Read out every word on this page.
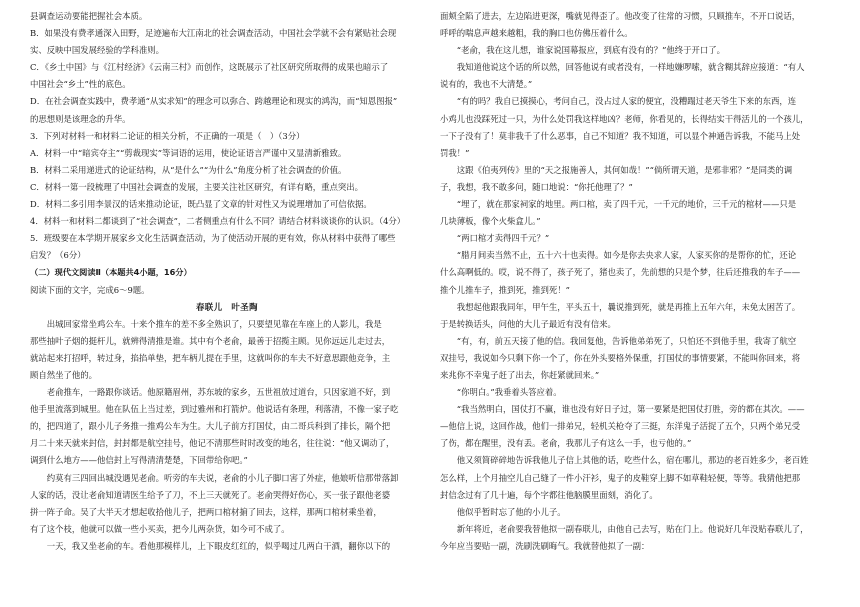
县调查运动要能把握社会本质。

B．如果没有费孝通深入田野，足迹遍布大江南北的社会调查活动，中国社会学就不会有紧贴社会现

实、反映中国发展经验的学科准则。

C．《乡土中国》与《江村经济》《云南三村》而创作，这既展示了社区研究所取得的成果也暗示了

中国社会“乡土”性的底色。

D．在社会调查实践中，费孝通“从实求知”的理念可以弥合、跨越理论和现实的鸿沟，而“知恩图报”

的思想则是该理念的升华。

3．下列对材料一和材料二论证的相关分析，不正确的一项是（　）（3分）

A．材料一中“暗宾夺主”“剪裁现实”等词语的运用，使论证语言严谨中又显清新雅致。

B．材料二采用递进式的论证结构，从“是什么”“为什么”角度分析了社会调查的价值。

C．材料一第一段梳理了中国社会调查的发展，主要关注社区研究，有详有略，重点突出。

D．材料二多引用李景汉的话来推动论证，既凸显了文章的针对性又为说理增加了可信依据。

4．材料一和材料二都谈到了“社会调查”，二者侧重点有什么不同？请结合材料谈谈你的认识。（4分）

5．班级要在本学期开展家乡文化生活调查活动，为了使活动开展的更有效，你从材料中获得了哪些

启发？（6分）

（二）现代文阅读Ⅱ（本题共4小题，16分）

阅读下面的文字，完成6～9题。

春联儿　叶圣陶

出城回家常坐鸡公车。十来个推车的差不多全熟识了，只要望见靠在车座上的人影儿，我是

那些抽叶子烟的挺杆儿，就辨得清推是谁。其中有个老俞，最善于招揽主顾。见你远远儿走过去，

就站起来打招呼，转过身，掐掐单垫，把车柄儿提在手里，这就叫你的车夫不好意思跟他竞争，主

顾自然坐了他的。

老俞推车，一路跟你谈话。他原籍眉州，苏东坡的家乡，五世祖放过道台，只因家道不好，到

他手里流落到城里。他在队伍上当过差，到过雅州和打箭炉。他说话有条理，利落清，不像一家子吃

的，把四道了，跟小儿子务推一推鸡公车为生。大儿子前方打国仗，由二哥兵科到了排长，隔个把

月二十来天就来封信，封封都是航空挂号，他记不清那些时时改变的地名，往往说：“他又调动了，

调到什么地方——他信封上写得清清楚楚，下回带给你吧。”

约莫有三四回出城没遇见老俞。听旁的车夫说，老俞的小儿子脚口害了外症，他娘听信那带落卸

人家的话，没让老俞知道请医生给予了刀，不上三天就死了。老俞哭得好伤心，买一张子跟他老婆

拼一阵子命。吴了大半天才想起收拾他儿子，把两口棺材掮了回去，这样，那两口棺材乘坐着，

有了这个枝，他就可以做一些小买卖，把今儿两杂货，如今可不成了。

一天，我又坐老俞的车。看他那模样儿，上下眼皮红红的，似乎喝过几两白干酒，翻你以下的

面颊全陷了进去，左边陷进更深，嘴就见得歪了。他改变了往常的习惯，只顾推车，不开口说话，

呼呼的喘息声越来越粗，我的胸口也仿佛压着什么。

“老俞，我在这儿想，谁家说国幕报应，到底有没有的？”他终于开口了。

我知道他说这个话的所以然，回答他说有或者没有，一样地嫌啰嗦，就含糊其辞应接道：“有人

说有的，我也不大清楚。”

“有的吗？我自已摸摸心，考问自己，没占过人家的便宜，没糟蹋过老天爷生下来的东西，连

小鸡儿也没踩死过一只，为什么处罚我这样地凶？老师，你看见的，长得结实干得活儿的一个孩儿，

一下子没有了！莫非我千了什么恶事，自己不知道？我不知道，可以显个神通告诉我，不能马上处

罚我！”

这跟《伯夷列传》里的“天之报施善人，其何如哉！”“倘所谓天道，是邪非邪？”是同类的调

子，我想，我不敢多问，随口地说：“你托他理了？”

“埋了，就在那家祠家的地里。两口棺，卖了四千元，一千元的地价，三千元的棺材——只是

几块薄板，像个火柴盒儿。”

“两口棺才卖得四千元？”

“腊月间卖当然不止，五十六十也卖得。如今是你去央求人家，人家买你的是帮你的忙，还论

什么高啊低的。哎，说不得了，孩子死了，猪也卖了，先前想的只是个梦，往后还推我的车子——

推个儿推车子，推到死，推到死！”

我想起他跟我同年，甲午生，平头五十，曩说推到死，就是再推上五年六年，未免太困苦了。

于是转换话头，问他的大儿子最近有没有信来。

“有，有，前五天接了他的信。我回复他，告诉他弟弟死了，只怕还不到他手里，我寄了航空

双挂号，我说如今只剩下你一个了，你在外头要格外保重，打国仗的事情要紧，不能叫你回来，将

来兆你不幸鬼子赶了出去，你赶紧就回来。”

“你明白。”我垂着头答应着。

“我当然明白，国仗打不赢，谁也没有好日子过，第一要紧是把国仗打胜，旁的都在其次。——

—他信上说，这回作战，他们一排弟兄，轻机关枪夺了三挺，东洋鬼子活捉了五个，只两个弟兄受

了伤，都在醒里，没有丢。老俞，我那儿子有这么一手，也亏他的。”

他又须简碎碎地告诉我他儿子信上其他的话，吃些什么，宿在哪儿，那边的老百姓多少，老百姓

怎么样，上个月抽空儿自己缝了一件小汗衫，鬼子的皮鞋穿上脚不如草鞋轻便，等等。我猜他把那

封信念过有了几十遍，每个字都往他脑膜里面刻，消化了。

他似乎暂时忘了他的小儿子。

新年将近，老俞要我替他拟一副春联儿，由他自己去写，贴在门上。他说好几年没贴春联儿了，

今年应当要贴一副，洗刷洗刷晦气。我就替他拟了一副：
